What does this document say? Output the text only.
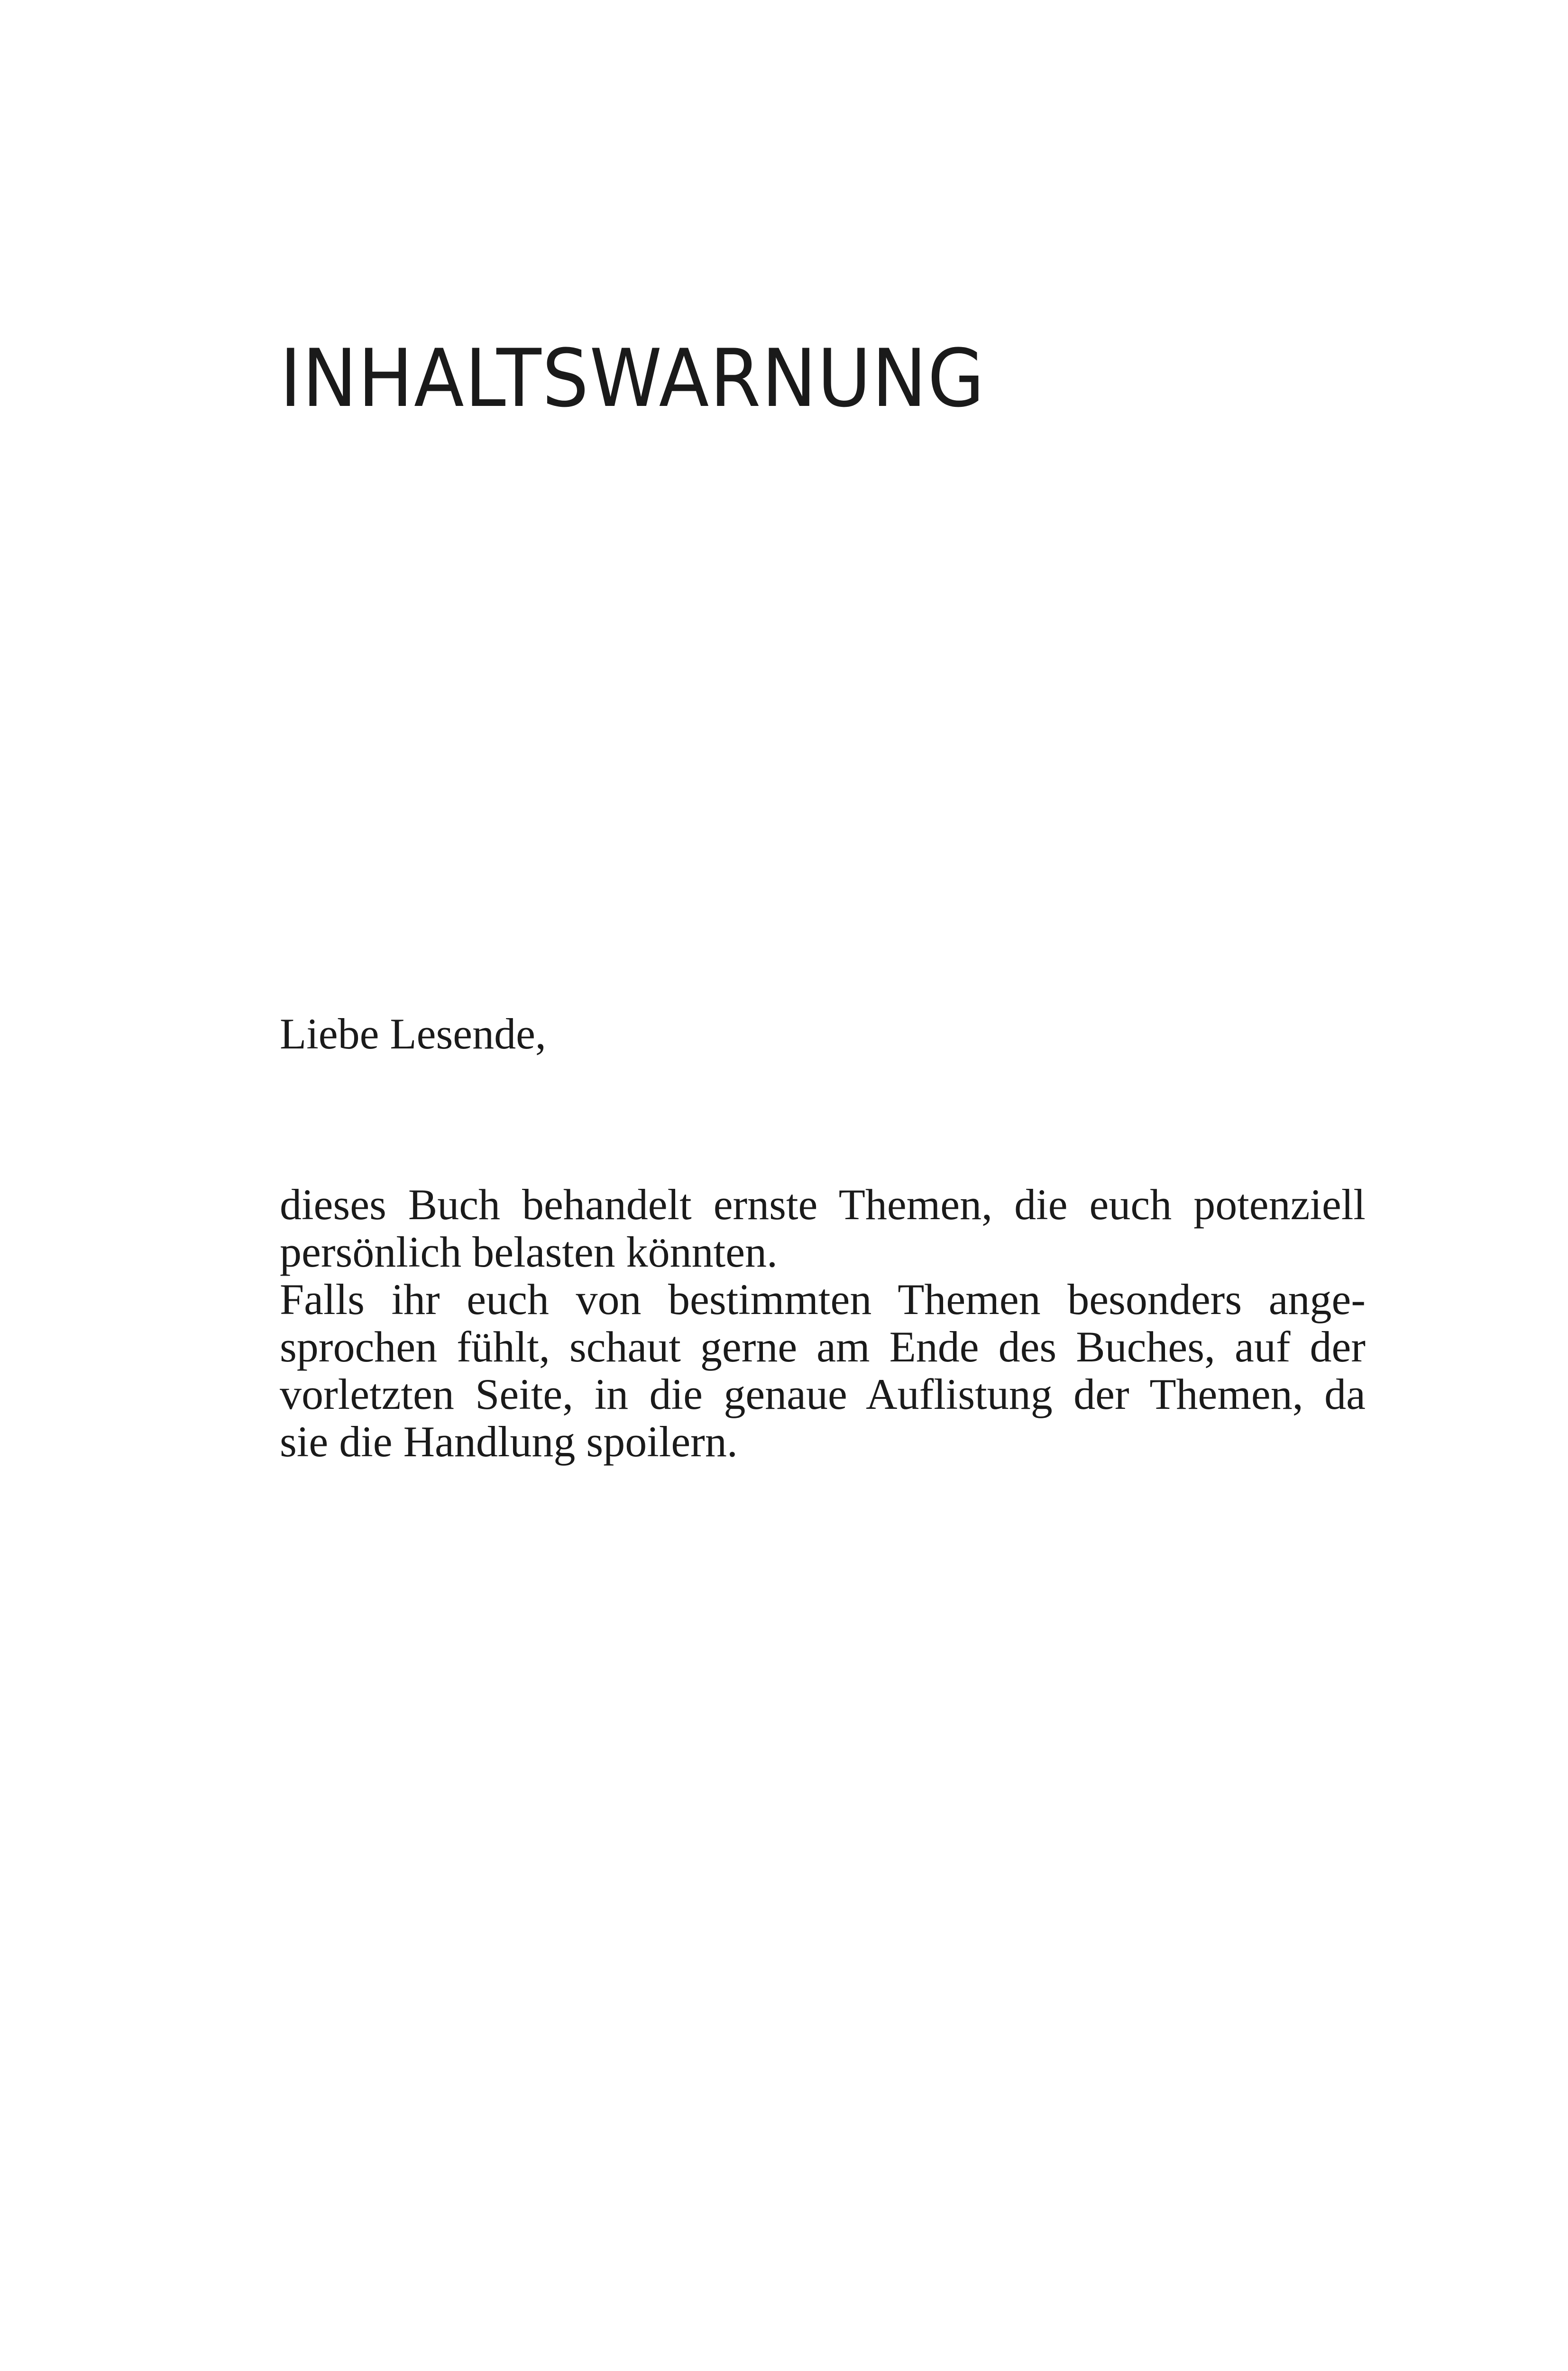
INHALTSWARNUNG

Liebe Lesende,

dieses Buch behandelt ernste Themen, die euch potenziell
persönlich belasten könnten.
Falls ihr euch von bestimmten Themen besonders ange-
sprochen fühlt, schaut gerne am Ende des Buches, auf der
vorletzten Seite, in die genaue Auflistung der Themen, da
sie die Handlung spoilern.
